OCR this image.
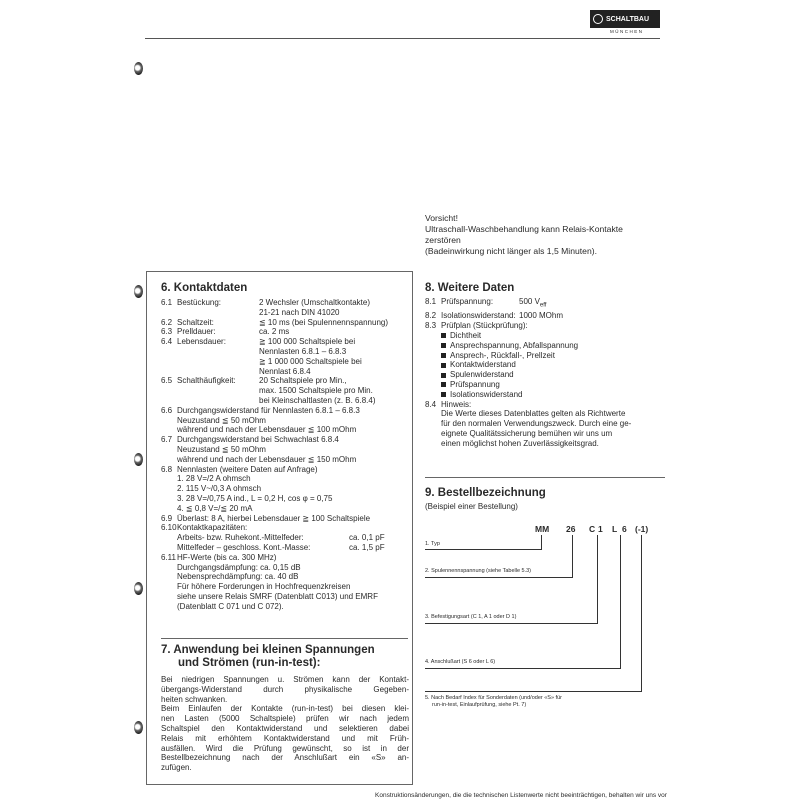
SCHALTBAU
MÜNCHEN
Vorsicht!
Ultraschall-Waschbehandlung kann Relais-Kontakte
zerstören
(Badeinwirkung nicht länger als 1,5 Minuten).
6. Kontaktdaten
6.1 Bestückung:	2 Wechsler (Umschaltkontakte)
21-21 nach DIN 41020
6.2 Schaltzeit:	≦ 10 ms (bei Spulennennspannung)
6.3 Prelldauer:	ca. 2 ms
6.4 Lebensdauer:	≧ 100 000 Schaltspiele bei
Nennlasten 6.8.1 – 6.8.3
≧ 1 000 000 Schaltspiele bei
Nennlast 6.8.4
6.5 Schalthäufigkeit:	20 Schaltspiele pro Min.,
max. 1500 Schaltspiele pro Min.
bei Kleinschaltlasten (z. B. 6.8.4)
6.6 Durchgangswiderstand für Nennlasten 6.8.1 – 6.8.3
Neuzustand ≦ 50 mOhm
während und nach der Lebensdauer ≦ 100 mOhm
6.7 Durchgangswiderstand bei Schwachlast 6.8.4
Neuzustand ≦ 50 mOhm
während und nach der Lebensdauer ≦ 150 mOhm
6.8 Nennlasten (weitere Daten auf Anfrage)
1. 28 V=/2 A ohmsch
2. 115 V~/0,3 A ohmsch
3. 28 V=/0,75 A ind., L = 0,2 H, cos φ = 0,75
4. ≦ 0,8 V=/≦ 20 mA
6.9 Überlast: 8 A, hierbei Lebensdauer ≧ 100 Schaltspiele
6.10 Kontaktkapazitäten:
Arbeits- bzw. Ruhekont.-Mittelfeder:	ca. 0,1 pF
Mittelfeder – geschloss. Kont.-Masse:	ca. 1,5 pF
6.11 HF-Werte (bis ca. 300 MHz)
Durchgangsdämpfung: ca. 0,15 dB
Nebensprechdämpfung: ca. 40 dB
Für höhere Forderungen in Hochfrequenzkreisen
siehe unsere Relais SMRF (Datenblatt C013) und EMRF
(Datenblatt C 071 und C 072).
7. Anwendung bei kleinen Spannungen
und Strömen (run-in-test):
Bei niedrigen Spannungen u. Strömen kann der Kontakt-
übergangs-Widerstand durch physikalische Gegeben-
heiten schwanken.
Beim Einlaufen der Kontakte (run-in-test) bei diesen klei-
nen Lasten (5000 Schaltspiele) prüfen wir nach jedem
Schaltspiel den Kontaktwiderstand und selektieren dabei
Relais mit erhöhtem Kontaktwiderstand und mit Früh-
ausfällen. Wird die Prüfung gewünscht, so ist in der
Bestellbezeichnung nach der Anschlußart ein «S» an-
zufügen.
8. Weitere Daten
8.1 Prüfspannung:	500 $V_{eff}$
8.2 Isolationswiderstand: 1000 MOhm
8.3 Prüfplan (Stückprüfung):
Dichtheit
Ansprechspannung, Abfallspannung
Ansprech-, Rückfall-, Prellzeit
Kontaktwiderstand
Spulenwiderstand
Prüfspannung
Isolationswiderstand
8.4 Hinweis:
Die Werte dieses Datenblattes gelten als Richtwerte
für den normalen Verwendungszweck. Durch eine ge-
eignete Qualitätssicherung bemühen wir uns um
einen möglichst hohen Zuverlässigkeitsgrad.
9. Bestellbezeichnung
(Beispiel einer Bestellung)
MM 26 C 1 L 6 (-1)
1. Typ
2. Spulennennspannung (siehe Tabelle 5.3)
3. Befestigungsart (C 1, A 1 oder D 1)
4. Anschlußart (S 6 oder L 6)
5. Nach Bedarf Index für Sonderdaten (und/oder «S» für
run-in-test, Einlaufprüfung, siehe Pt. 7)
Konstruktionsänderungen, die die technischen Listenwerte nicht beeinträchtigen, behalten wir uns vor
